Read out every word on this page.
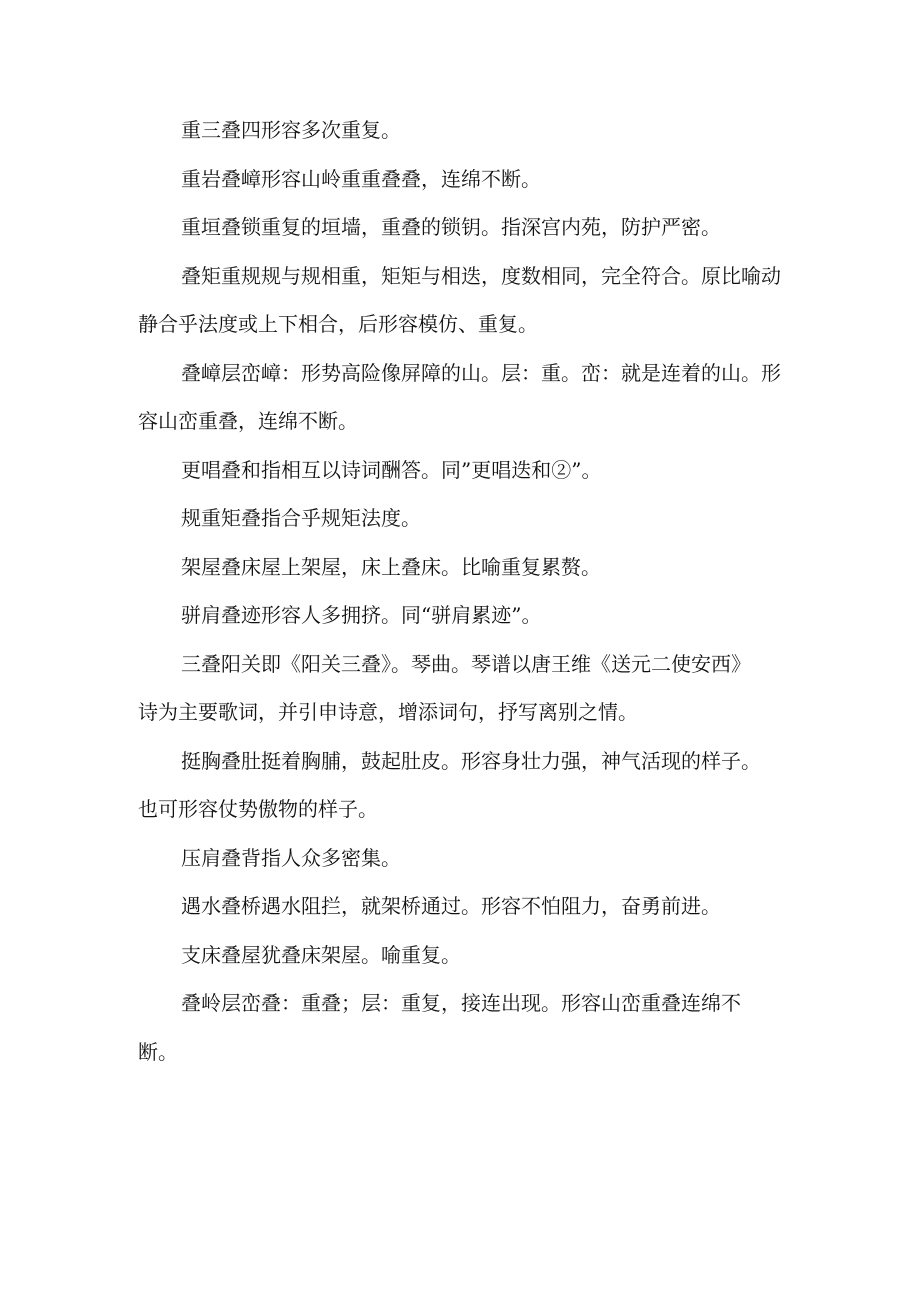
重三叠四形容多次重复。

重岩叠嶂形容山岭重重叠叠，连绵不断。

重垣叠锁重复的垣墙，重叠的锁钥。指深宫内苑，防护严密。

叠矩重规规与规相重，矩矩与相迭，度数相同，完全符合。原比喻动
静合乎法度或上下相合，后形容模仿、重复。

叠嶂层峦嶂：形势高险像屏障的山。层：重。峦：就是连着的山。形
容山峦重叠，连绵不断。

更唱叠和指相互以诗词酬答。同”更唱迭和②”。

规重矩叠指合乎规矩法度。

架屋叠床屋上架屋，床上叠床。比喻重复累赘。

骈肩叠迹形容人多拥挤。同“骈肩累迹”。

三叠阳关即《阳关三叠》。琴曲。琴谱以唐王维《送元二使安西》
诗为主要歌词，并引申诗意，增添词句，抒写离别之情。

挺胸叠肚挺着胸脯，鼓起肚皮。形容身壮力强，神气活现的样子。
也可形容仗势傲物的样子。

压肩叠背指人众多密集。

遇水叠桥遇水阻拦，就架桥通过。形容不怕阻力，奋勇前进。

支床叠屋犹叠床架屋。喻重复。

叠岭层峦叠：重叠；层：重复，接连出现。形容山峦重叠连绵不
断。
